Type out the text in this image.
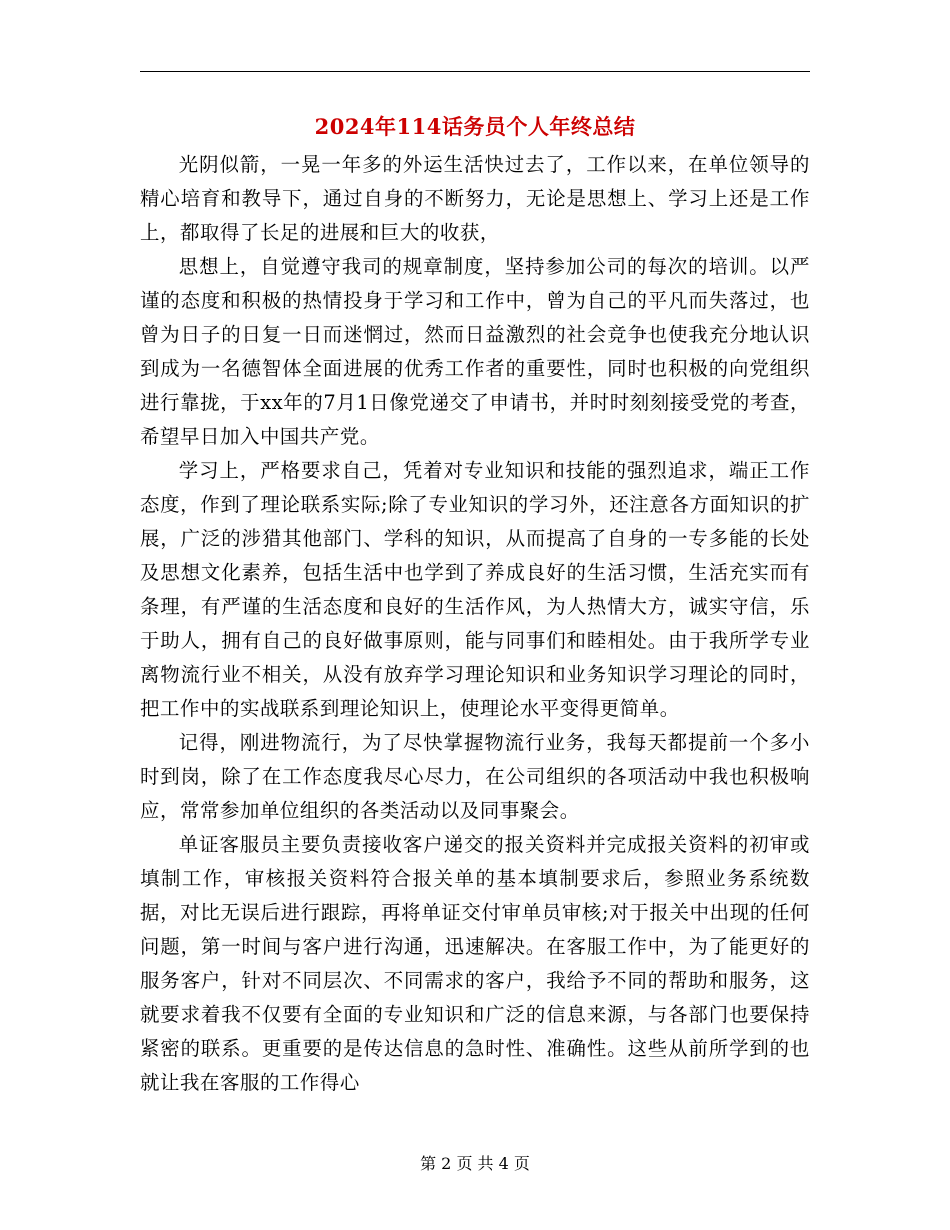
2024年114话务员个人年终总结

光阴似箭，一晃一年多的外运生活快过去了，工作以来，在单位领导的精心培育和教导下，通过自身的不断努力，无论是思想上、学习上还是工作上，都取得了长足的进展和巨大的收获，

思想上，自觉遵守我司的规章制度，坚持参加公司的每次的培训。以严谨的态度和积极的热情投身于学习和工作中，曾为自己的平凡而失落过，也曾为日子的日复一日而迷惘过，然而日益激烈的社会竞争也使我充分地认识到成为一名德智体全面进展的优秀工作者的重要性，同时也积极的向党组织进行靠拢，于xx年的7月1日像党递交了申请书，并时时刻刻接受党的考查，希望早日加入中国共产党。

学习上，严格要求自己，凭着对专业知识和技能的强烈追求，端正工作态度，作到了理论联系实际;除了专业知识的学习外，还注意各方面知识的扩展，广泛的涉猎其他部门、学科的知识，从而提高了自身的一专多能的长处及思想文化素养，包括生活中也学到了养成良好的生活习惯，生活充实而有条理，有严谨的生活态度和良好的生活作风，为人热情大方，诚实守信，乐于助人，拥有自己的良好做事原则，能与同事们和睦相处。由于我所学专业离物流行业不相关，从没有放弃学习理论知识和业务知识学习理论的同时，把工作中的实战联系到理论知识上，使理论水平变得更简单。

记得，刚进物流行，为了尽快掌握物流行业务，我每天都提前一个多小时到岗，除了在工作态度我尽心尽力，在公司组织的各项活动中我也积极响应，常常参加单位组织的各类活动以及同事聚会。

单证客服员主要负责接收客户递交的报关资料并完成报关资料的初审或填制工作，审核报关资料符合报关单的基本填制要求后，参照业务系统数据，对比无误后进行跟踪，再将单证交付审单员审核;对于报关中出现的任何问题，第一时间与客户进行沟通，迅速解决。在客服工作中，为了能更好的服务客户，针对不同层次、不同需求的客户，我给予不同的帮助和服务，这就要求着我不仅要有全面的专业知识和广泛的信息来源，与各部门也要保持紧密的联系。更重要的是传达信息的急时性、准确性。这些从前所学到的也就让我在客服的工作得心

第 2 页 共 4 页
